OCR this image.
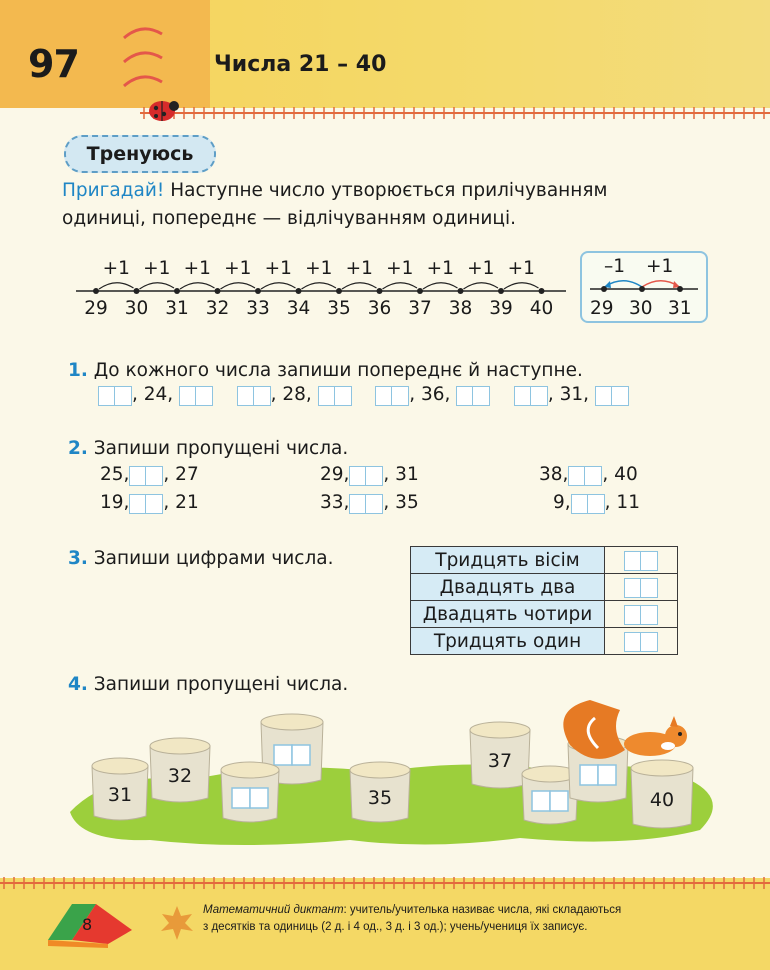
97	Числа 21 – 40
Тренуюсь
Пригадай! Наступне число утворюється прилічуванням
одиниці, попереднє — відлічуванням одиниці.
29
+1
30
+1
31
+1
32
+1
33
+1
34
+1
35
+1
36
+1
37
+1
38
+1
39
+1
40
–1 +1
29 30 31
1. До кожного числа запиши попереднє й наступне.
, 24,	, 28,	, 36,	, 31,
2. Запиши пропущені числа.
25, , 27	29, , 31	38, , 40
19, , 21	33, , 35	9, , 11
3. Запиши цифрами числа.	Тридцять вісім	
Двадцять два	
Двадцять чотири	
Тридцять один	
4. Запиши пропущені числа.
31
32
35
37
40
8
Математичний диктант: учитель/учителька називає числа, які складаються
з десятків та одиниць (2 д. і 4 од., 3 д. і 3 од.); учень/учениця їх записує.
